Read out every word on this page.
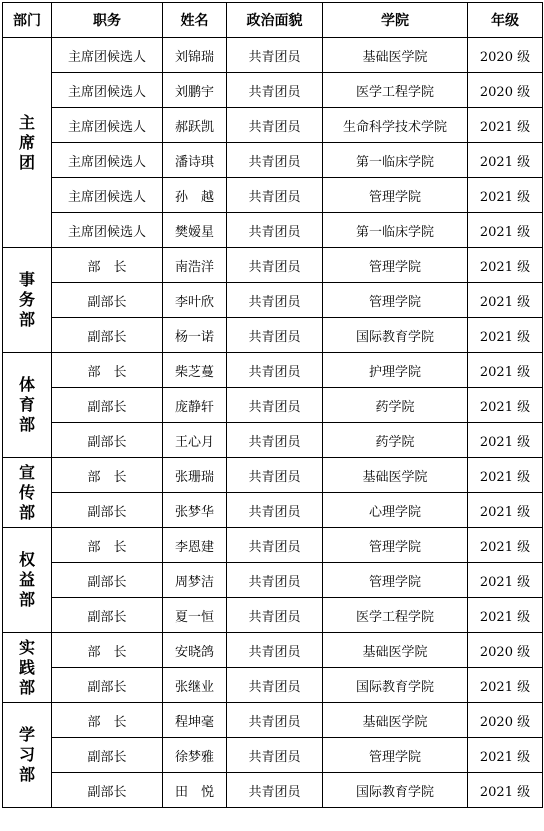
部门	职务	姓名	政治面貌	学院	年级

主席团	主席团候选人	刘锦瑞	共青团员	基础医学院	2020 级
	主席团候选人	刘鹏宇	共青团员	医学工程学院	2020 级
	主席团候选人	郝跃凯	共青团员	生命科学技术学院	2021 级
	主席团候选人	潘诗琪	共青团员	第一临床学院	2021 级
	主席团候选人	孙　越	共青团员	管理学院	2021 级
	主席团候选人	樊嫒星	共青团员	第一临床学院	2021 级

事务部	部　长	南浩洋	共青团员	管理学院	2021 级
	副部长	李叶欣	共青团员	管理学院	2021 级
	副部长	杨一诺	共青团员	国际教育学院	2021 级

体育部	部　长	柴芝蔓	共青团员	护理学院	2021 级
	副部长	庞静轩	共青团员	药学院	2021 级
	副部长	王心月	共青团员	药学院	2021 级

宣传部	部　长	张珊瑞	共青团员	基础医学院	2021 级
	副部长	张梦华	共青团员	心理学院	2021 级

权益部	部　长	李恩建	共青团员	管理学院	2021 级
	副部长	周梦洁	共青团员	管理学院	2021 级
	副部长	夏一恒	共青团员	医学工程学院	2021 级

实践部	部　长	安晓鸽	共青团员	基础医学院	2020 级
	副部长	张继业	共青团员	国际教育学院	2021 级

学习部	部　长	程坤毫	共青团员	基础医学院	2020 级
	副部长	徐梦雅	共青团员	管理学院	2021 级
	副部长	田　悦	共青团员	国际教育学院	2021 级
